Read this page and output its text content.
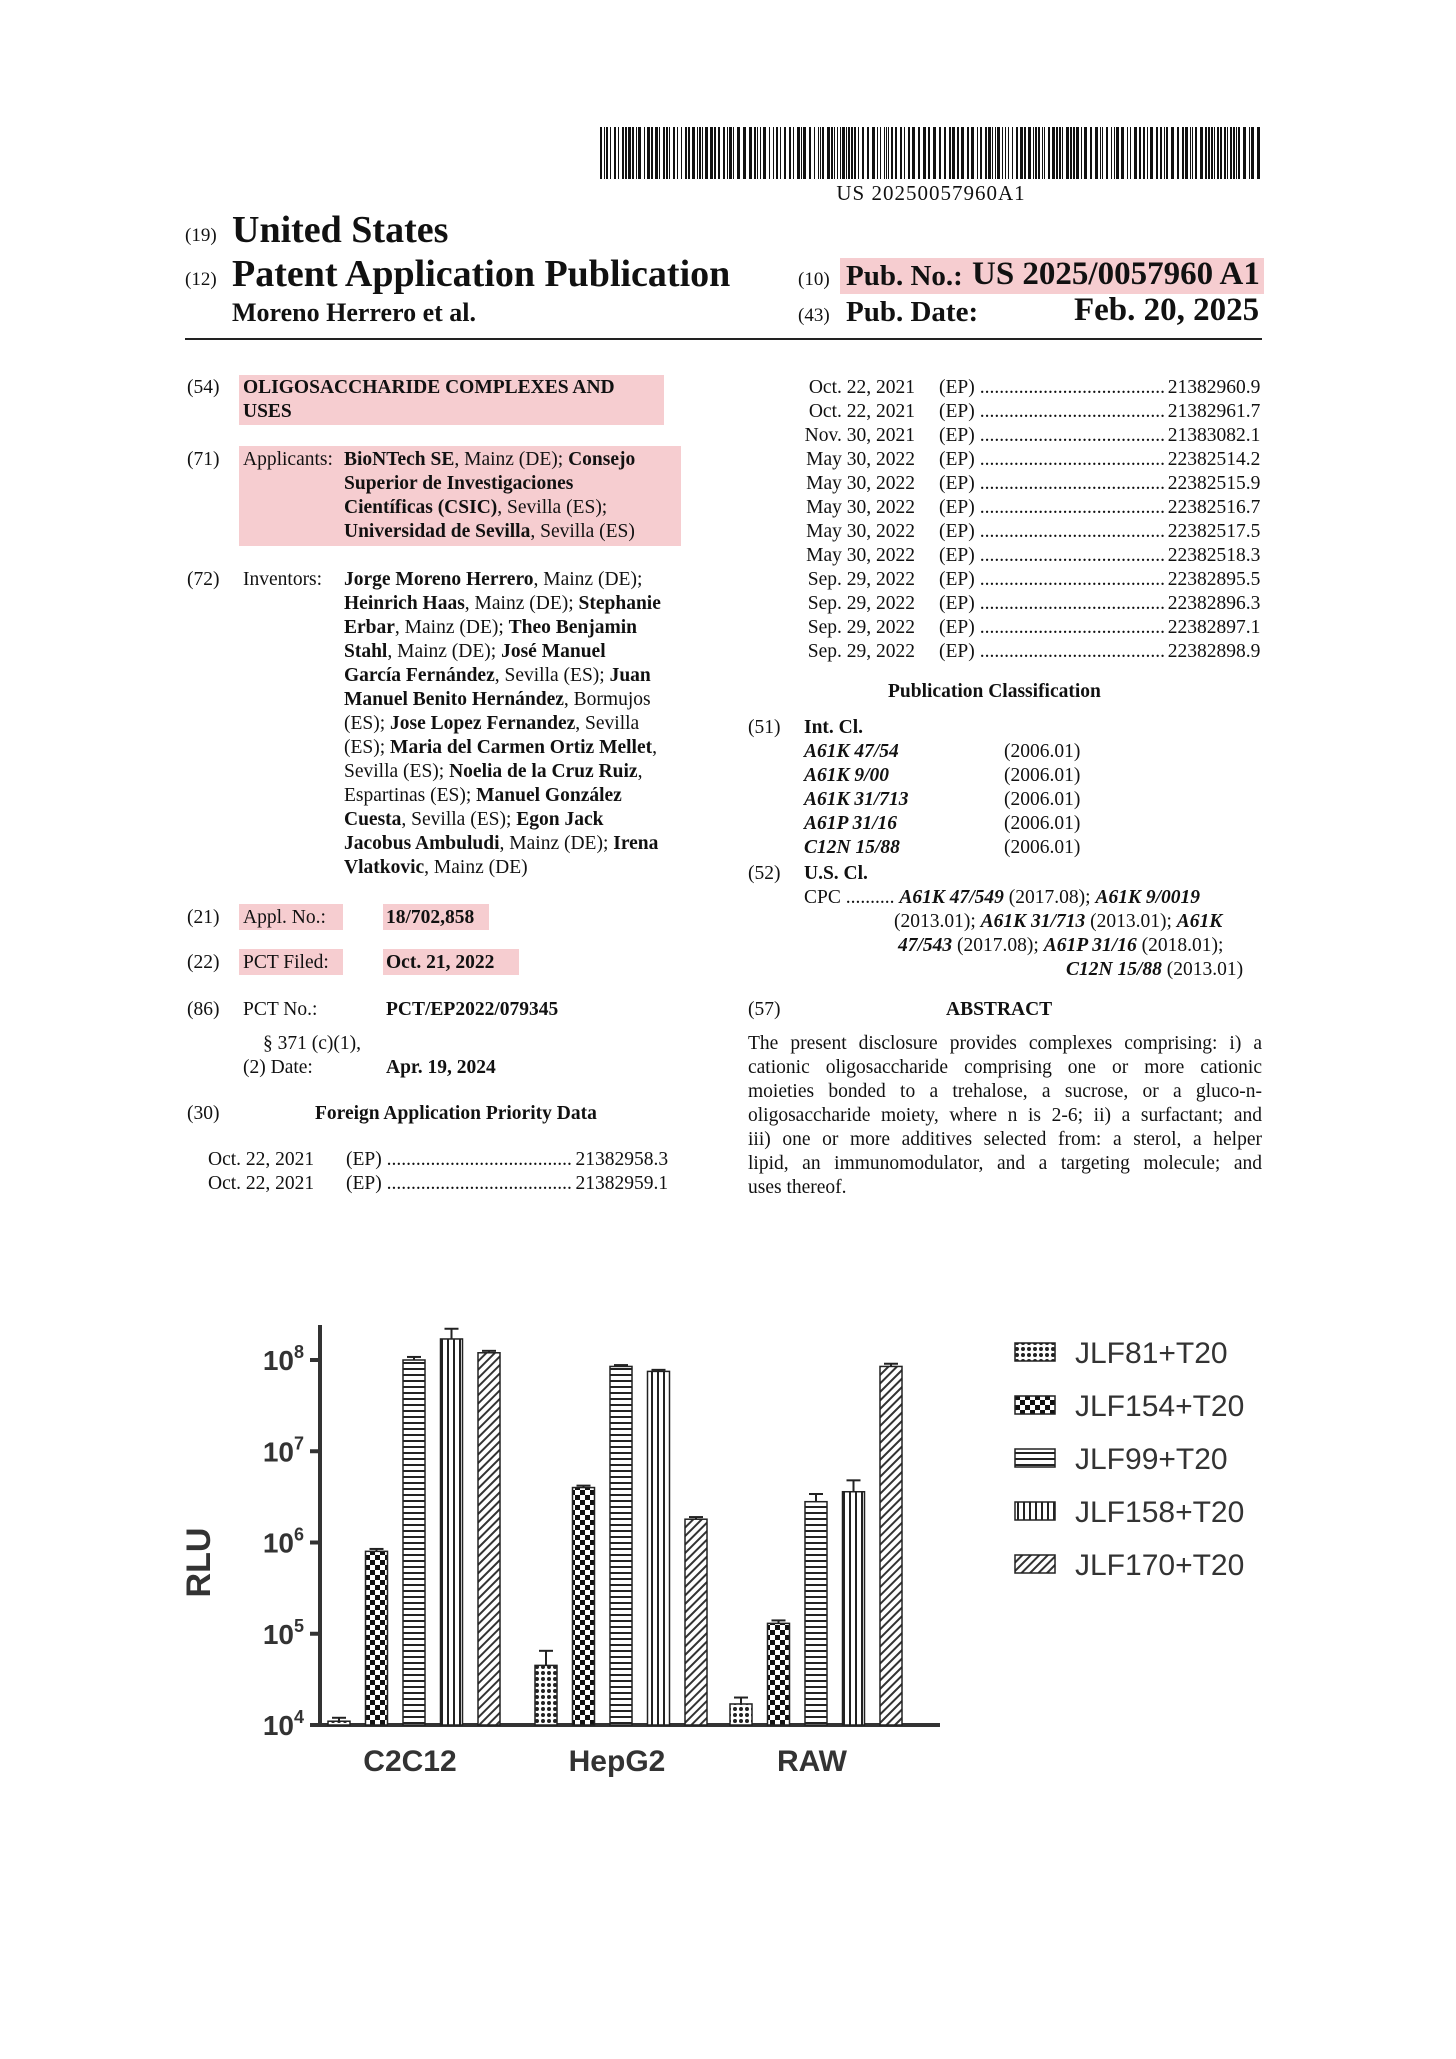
US 20250057960A1
(19) United States
(12) Patent Application Publication	(10) Pub. No.: US 2025/0057960 A1
Moreno Herrero et al.	(43) Pub. Date:	Feb. 20, 2025
(54) OLIGOSACCHARIDE COMPLEXES AND
USES
(71) Applicants: BioNTech SE, Mainz (DE); Consejo
Superior de Investigaciones
Científicas (CSIC), Sevilla (ES);
Universidad de Sevilla, Sevilla (ES)
(72) Inventors: Jorge Moreno Herrero, Mainz (DE);
Heinrich Haas, Mainz (DE); Stephanie
Erbar, Mainz (DE); Theo Benjamin
Stahl, Mainz (DE); José Manuel
García Fernández, Sevilla (ES); Juan
Manuel Benito Hernández, Bormujos
(ES); Jose Lopez Fernandez, Sevilla
(ES); Maria del Carmen Ortiz Mellet,
Sevilla (ES); Noelia de la Cruz Ruiz,
Espartinas (ES); Manuel González
Cuesta, Sevilla (ES); Egon Jack
Jacobus Ambuludi, Mainz (DE); Irena
Vlatkovic, Mainz (DE)
(21) Appl. No.:	18/702,858
(22) PCT Filed:	Oct. 21, 2022
(86) PCT No.:	PCT/EP2022/079345
§ 371 (c)(1),
(2) Date:	Apr. 19, 2024
(30)	Foreign Application Priority Data
Oct. 22, 2021 (EP) .....	21382958.3
Oct. 22, 2021 (EP) .....	21382959.1
Oct. 22, 2021 (EP) .....	21382960.9
Oct. 22, 2021 (EP) .....	21382961.7
Nov. 30, 2021 (EP) .....	21383082.1
May 30, 2022 (EP) .....	22382514.2
May 30, 2022 (EP) .....	22382515.9
May 30, 2022 (EP) .....	22382516.7
May 30, 2022 (EP) .....	22382517.5
May 30, 2022 (EP) .....	22382518.3
Sep. 29, 2022 (EP) .....	22382895.5
Sep. 29, 2022 (EP) .....	22382896.3
Sep. 29, 2022 (EP) .....	22382897.1
Sep. 29, 2022 (EP) .....	22382898.9
Publication Classification
(51) Int. Cl.
A61K 47/54	(2006.01)
A61K 9/00	(2006.01)
A61K 31/713	(2006.01)
A61P 31/16	(2006.01)
C12N 15/88	(2006.01)
(52) U.S. Cl.
CPC .......... A61K 47/549 (2017.08); A61K 9/0019
(2013.01); A61K 31/713 (2013.01); A61K
47/543 (2017.08); A61P 31/16 (2018.01);
C12N 15/88 (2013.01)
(57)	ABSTRACT
The present disclosure provides complexes comprising: i) a
cationic oligosaccharide comprising one or more cationic
moieties bonded to a trehalose, a sucrose, or a gluco-n-
oligosaccharide moiety, where n is 2-6; ii) a surfactant; and
iii) one or more additives selected from: a sterol, a helper
lipid, an immunomodulator, and a targeting molecule; and
uses thereof.
$10^4$
$10^5$
$10^6$
$10^7$
$10^8$
RLU
C2C12	HepG2	RAW
JLF81+T20
JLF154+T20
JLF99+T20
JLF158+T20
JLF170+T20
